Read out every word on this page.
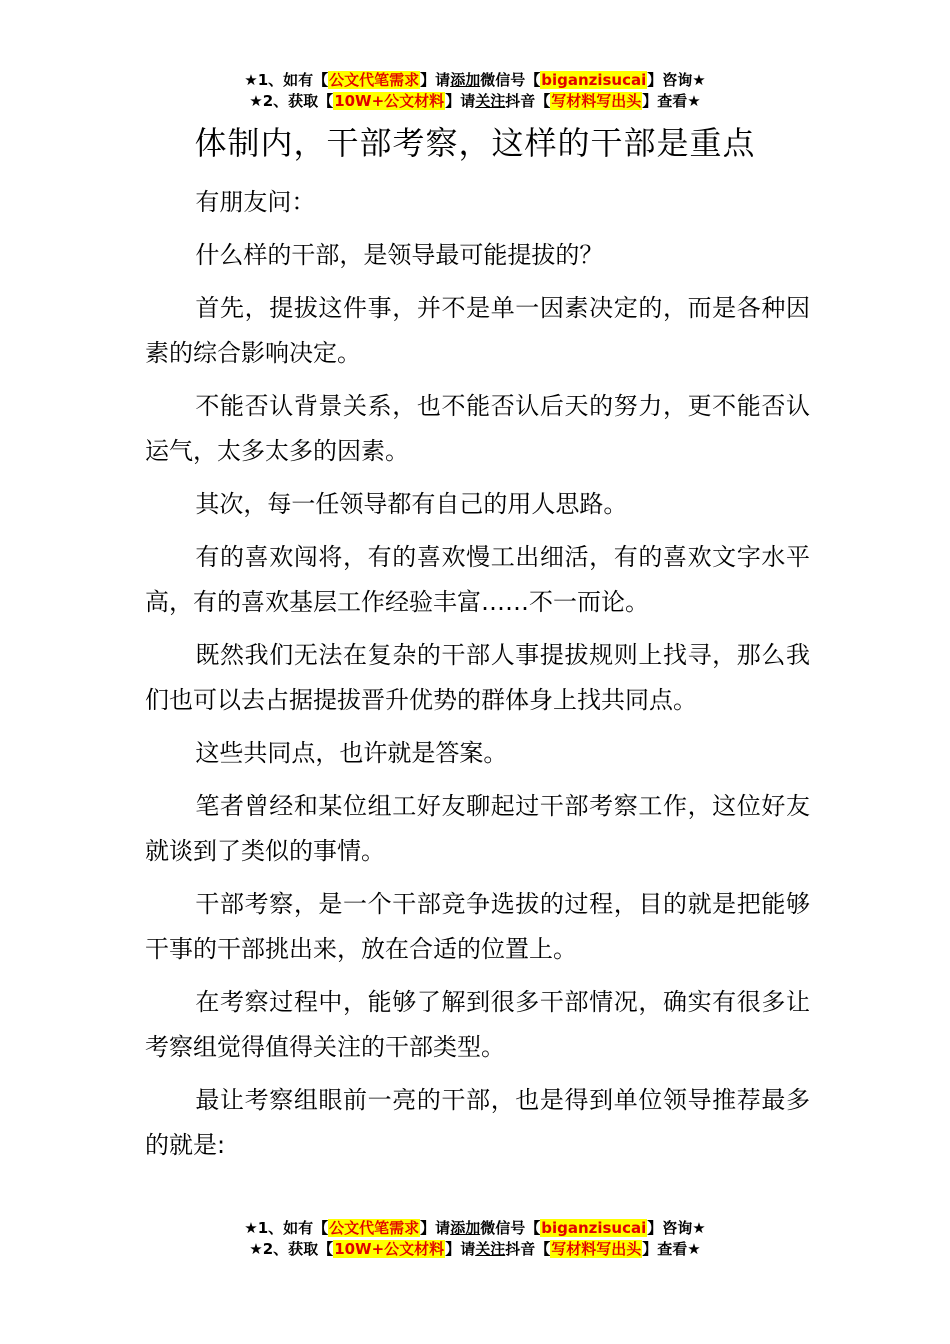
★1、如有【公文代笔需求】请添加微信号【biganzisucai】咨询★
★2、获取【10W+公文材料】请关注抖音【写材料写出头】查看★
体制内，干部考察，这样的干部是重点

有朋友问：

什么样的干部，是领导最可能提拔的？

首先，提拔这件事，并不是单一因素决定的，而是各种因素的综合影响决定。

不能否认背景关系，也不能否认后天的努力，更不能否认运气，太多太多的因素。

其次，每一任领导都有自己的用人思路。

有的喜欢闯将，有的喜欢慢工出细活，有的喜欢文字水平高，有的喜欢基层工作经验丰富……不一而论。

既然我们无法在复杂的干部人事提拔规则上找寻，那么我们也可以去占据提拔晋升优势的群体身上找共同点。

这些共同点，也许就是答案。

笔者曾经和某位组工好友聊起过干部考察工作，这位好友就谈到了类似的事情。

干部考察，是一个干部竞争选拔的过程，目的就是把能够干事的干部挑出来，放在合适的位置上。

在考察过程中，能够了解到很多干部情况，确实有很多让考察组觉得值得关注的干部类型。

最让考察组眼前一亮的干部，也是得到单位领导推荐最多的就是:

★1、如有【公文代笔需求】请添加微信号【biganzisucai】咨询★
★2、获取【10W+公文材料】请关注抖音【写材料写出头】查看★
